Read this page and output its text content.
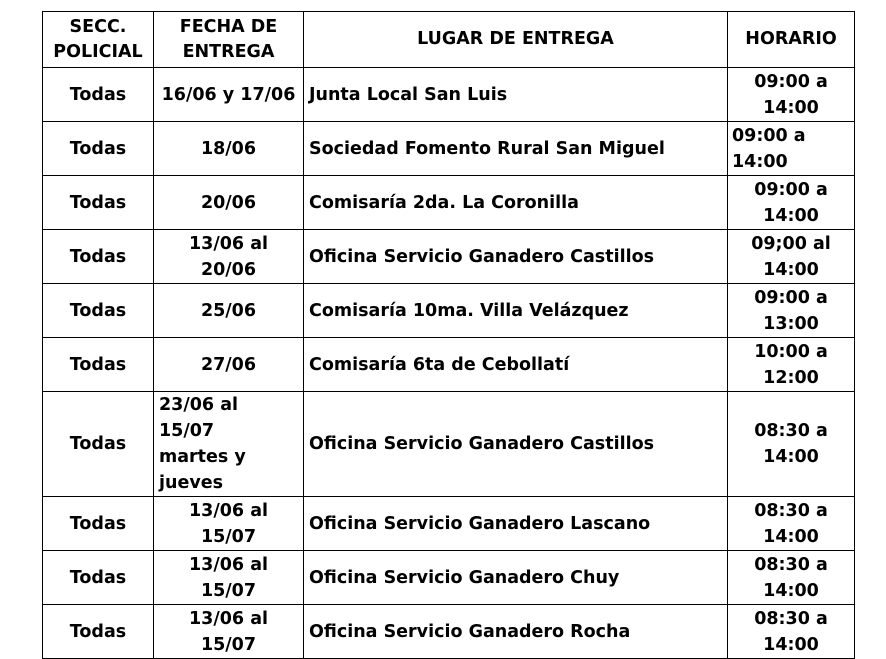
SECC.
POLICIAL	FECHA DE
ENTREGA	LUGAR DE ENTREGA	HORARIO

Todas	16/06 y 17/06	Junta Local San Luis	09:00 a
14:00

Todas	18/06	Sociedad Fomento Rural San Miguel	09:00 a
14:00

Todas	20/06	Comisaría 2da. La Coronilla	09:00 a
14:00

Todas	13/06 al 20/06	Oficina Servicio Ganadero Castillos	09;00 al
14:00

Todas	25/06	Comisaría 10ma. Villa Velázquez	09:00 a
13:00

Todas	27/06	Comisaría 6ta de Cebollatí	10:00 a
12:00

Todas	23/06 al 15/07
martes y
jueves	Oficina Servicio Ganadero Castillos	08:30 a
14:00

Todas	13/06 al 15/07	Oficina Servicio Ganadero Lascano	08:30 a
14:00

Todas	13/06 al 15/07	Oficina Servicio Ganadero Chuy	08:30 a
14:00

Todas	13/06 al 15/07	Oficina Servicio Ganadero Rocha	08:30 a
14:00
